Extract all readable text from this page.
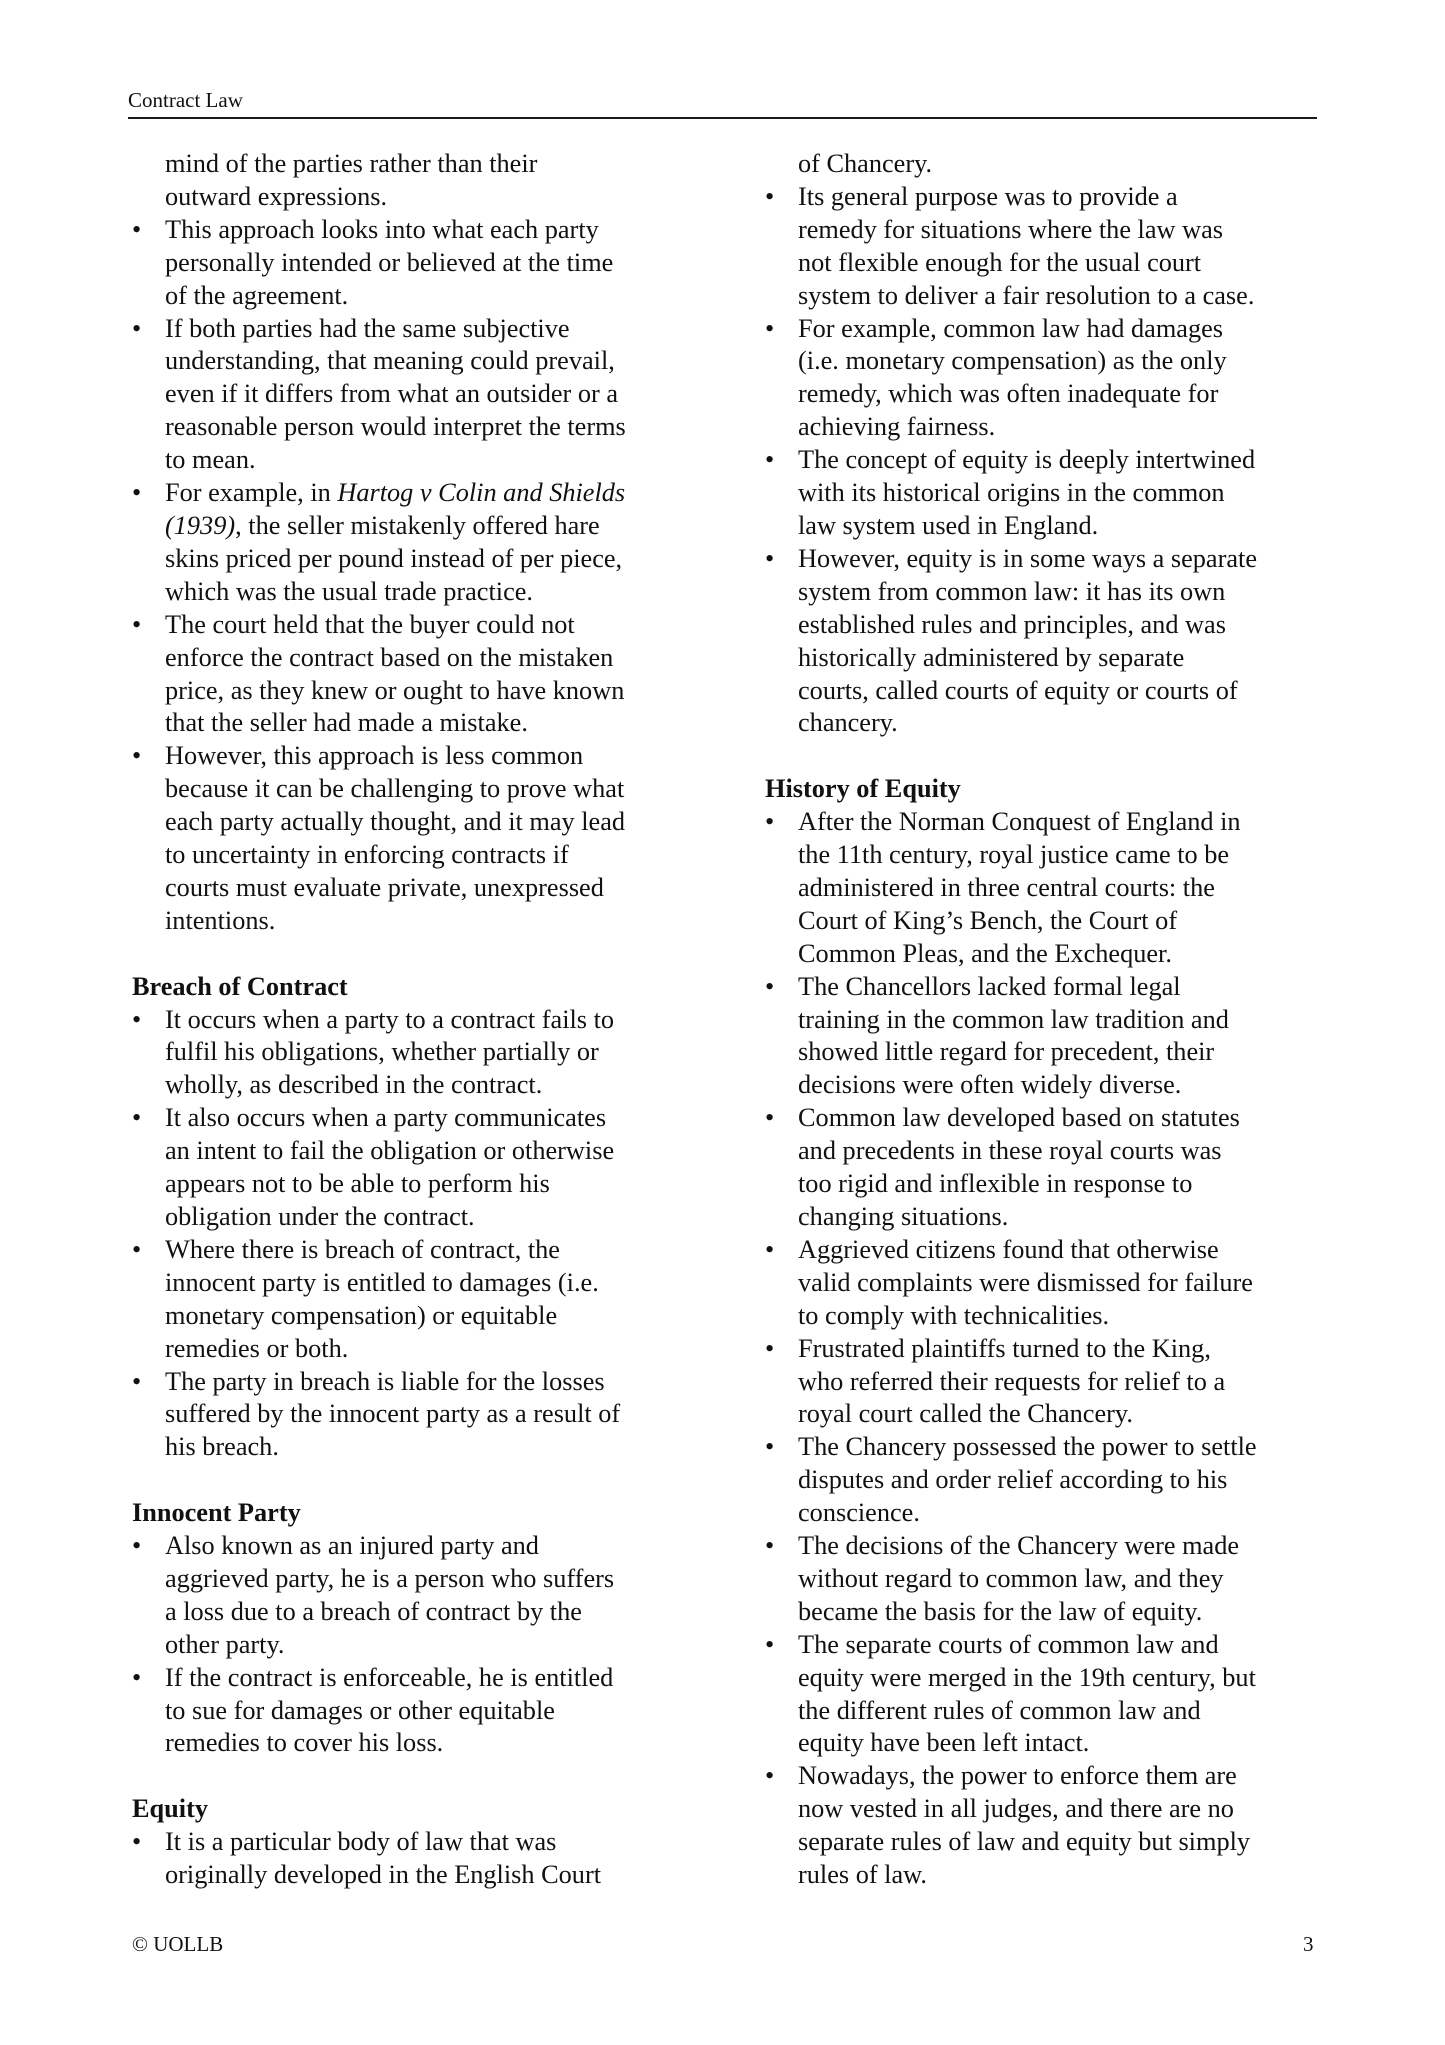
Contract Law
mind of the parties rather than their
outward expressions.
• This approach looks into what each party
personally intended or believed at the time
of the agreement.
• If both parties had the same subjective
understanding, that meaning could prevail,
even if it differs from what an outsider or a
reasonable person would interpret the terms
to mean.
• For example, in Hartog v Colin and Shields
(1939), the seller mistakenly offered hare
skins priced per pound instead of per piece,
which was the usual trade practice.
• The court held that the buyer could not
enforce the contract based on the mistaken
price, as they knew or ought to have known
that the seller had made a mistake.
• However, this approach is less common
because it can be challenging to prove what
each party actually thought, and it may lead
to uncertainty in enforcing contracts if
courts must evaluate private, unexpressed
intentions.
Breach of Contract
• It occurs when a party to a contract fails to
fulfil his obligations, whether partially or
wholly, as described in the contract.
• It also occurs when a party communicates
an intent to fail the obligation or otherwise
appears not to be able to perform his
obligation under the contract.
• Where there is breach of contract, the
innocent party is entitled to damages (i.e.
monetary compensation) or equitable
remedies or both.
• The party in breach is liable for the losses
suffered by the innocent party as a result of
his breach.
Innocent Party
• Also known as an injured party and
aggrieved party, he is a person who suffers
a loss due to a breach of contract by the
other party.
• If the contract is enforceable, he is entitled
to sue for damages or other equitable
remedies to cover his loss.
Equity
• It is a particular body of law that was
originally developed in the English Court
of Chancery.
• Its general purpose was to provide a
remedy for situations where the law was
not flexible enough for the usual court
system to deliver a fair resolution to a case.
• For example, common law had damages
(i.e. monetary compensation) as the only
remedy, which was often inadequate for
achieving fairness.
• The concept of equity is deeply intertwined
with its historical origins in the common
law system used in England.
• However, equity is in some ways a separate
system from common law: it has its own
established rules and principles, and was
historically administered by separate
courts, called courts of equity or courts of
chancery.
History of Equity
• After the Norman Conquest of England in
the 11th century, royal justice came to be
administered in three central courts: the
Court of King’s Bench, the Court of
Common Pleas, and the Exchequer.
• The Chancellors lacked formal legal
training in the common law tradition and
showed little regard for precedent, their
decisions were often widely diverse.
• Common law developed based on statutes
and precedents in these royal courts was
too rigid and inflexible in response to
changing situations.
• Aggrieved citizens found that otherwise
valid complaints were dismissed for failure
to comply with technicalities.
• Frustrated plaintiffs turned to the King,
who referred their requests for relief to a
royal court called the Chancery.
• The Chancery possessed the power to settle
disputes and order relief according to his
conscience.
• The decisions of the Chancery were made
without regard to common law, and they
became the basis for the law of equity.
• The separate courts of common law and
equity were merged in the 19th century, but
the different rules of common law and
equity have been left intact.
• Nowadays, the power to enforce them are
now vested in all judges, and there are no
separate rules of law and equity but simply
rules of law.
© UOLLB	3
